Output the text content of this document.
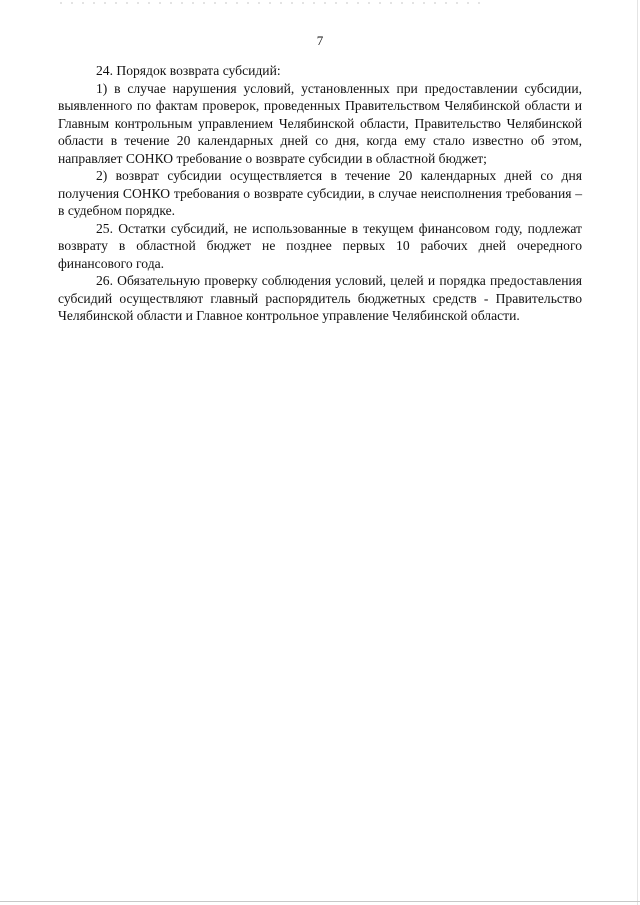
7

24. Порядок возврата субсидий:

1) в случае нарушения условий, установленных при предоставлении субсидии, выявленного по фактам проверок, проведенных Правительством Челябинской области и Главным контрольным управлением Челябинской области, Правительство Челябинской области в течение 20 календарных дней со дня, когда ему стало известно об этом, направляет СОНКО требование о возврате субсидии в областной бюджет;

2) возврат субсидии осуществляется в течение 20 календарных дней со дня получения СОНКО требования о возврате субсидии, в случае неисполнения требования – в судебном порядке.

25. Остатки субсидий, не использованные в текущем финансовом году, подлежат возврату в областной бюджет не позднее первых 10 рабочих дней очередного финансового года.

26. Обязательную проверку соблюдения условий, целей и порядка предоставления субсидий осуществляют главный распорядитель бюджетных средств - Правительство Челябинской области и Главное контрольное управление Челябинской области.
